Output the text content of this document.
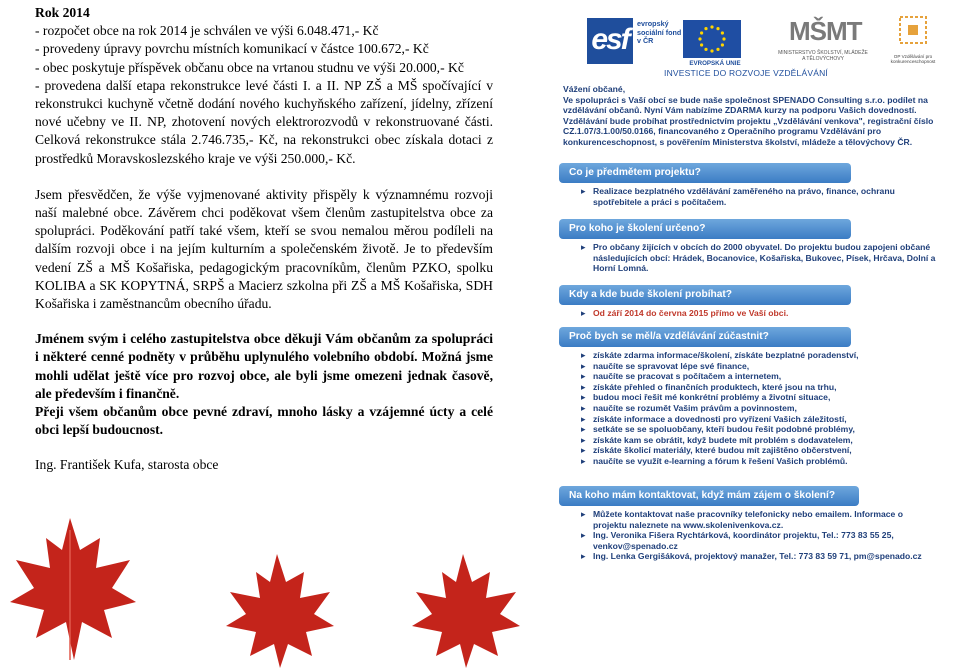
Rok 2014

- rozpočet obce na rok 2014 je schválen ve výši 6.048.471,- Kč

- provedeny úpravy povrchu místních komunikací v částce 100.672,- Kč

- obec poskytuje příspěvek občanu obce na vrtanou studnu ve výši 20.000,- Kč

- provedena další etapa rekonstrukce levé části I. a II. NP ZŠ a MŠ spočívající v rekonstrukci kuchyně včetně dodání nového kuchyňského zařízení, jídelny, zřízení nové učebny ve II. NP, zhotovení nových elektrorozvodů v rekonstruované části. Celková rekonstrukce stála 2.746.735,- Kč, na rekonstrukci obec získala dotaci z prostředků Moravskoslezského kraje ve výši 250.000,- Kč.

Jsem přesvědčen, že výše vyjmenované aktivity přispěly k významnému rozvoji naší malebné obce. Závěrem chci poděkovat všem členům zastupitelstva obce za spolupráci. Poděkování patří také všem, kteří se svou nemalou měrou podíleli na dalším rozvoji obce i na jejím kulturním a společenském životě. Je to především vedení ZŠ a MŠ Košařiska, pedagogickým pracovníkům, členům PZKO, spolku KOLIBA a SK KOPYTNÁ, SRPŠ a Macierz szkolna při ZŠ a MŠ Košařiska, SDH Košařiska i zaměstnancům obecního úřadu.

Jménem svým i celého zastupitelstva obce děkuji Vám občanům za spolupráci i některé cenné podněty v průběhu uplynulého volebního období. Možná jsme mohli udělat ještě více pro rozvoj obce, ale byli jsme omezeni jednak časově, ale především i finančně.

Přeji všem občanům obce pevné zdraví, mnoho lásky a vzájemné úcty a celé obci lepší budoucnost.

Ing. František Kufa, starosta obce

esf	evropský sociální fond v ČR
EVROPSKÁ UNIE
MŠMT
MINISTERSTVO ŠKOLSTVÍ, MLÁDEŽE A TĚLOVÝCHOVY	OP Vzdělávání pro konkurenceschopnost
INVESTICE DO ROZVOJE VZDĚLÁVÁNÍ

Vážení občané,

Ve spolupráci s Vaší obcí se bude naše společnost SPENADO Consulting s.r.o. podílet na vzdělávání občanů. Nyní Vám nabízíme ZDARMA kurzy na podporu Vašich dovedností. Vzdělávání bude probíhat prostřednictvím projektu „Vzdělávání venkova", registrační číslo CZ.1.07/3.1.00/50.0166, financovaného z Operačního programu Vzdělávání pro konkurenceschopnost, s pověřením Ministerstva školství, mládeže a tělovýchovy ČR.

Co je předmětem projektu?
▸ Realizace bezplatného vzdělávání zaměřeného na právo, finance, ochranu spotřebitele a práci s počítačem.
Pro koho je školení určeno?
▸ Pro občany žijících v obcích do 2000 obyvatel. Do projektu budou zapojeni občané následujících obcí: Hrádek, Bocanovice, Košařiska, Bukovec, Písek, Hrčava, Dolní a Horní Lomná.
Kdy a kde bude školení probíhat?
▸ Od září 2014 do června 2015 přímo ve Vaší obci.
Proč bych se měl/a vzdělávání zúčastnit?
▸ získáte zdarma informace/školení, získáte bezplatné poradenství,
▸ naučíte se spravovat lépe své finance,
▸ naučíte se pracovat s počítačem a internetem,
▸ získáte přehled o finančních produktech, které jsou na trhu,
▸ budou moci řešit mé konkrétní problémy a životní situace,
▸ naučíte se rozumět Vašim právům a povinnostem,
▸ získáte informace a dovednosti pro vyřízení Vašich záležitostí,
▸ setkáte se se spoluobčany, kteří budou řešit podobné problémy,
▸ získáte kam se obrátit, když budete mít problém s dodavatelem,
▸ získáte školicí materiály, které budou mít zajištěno občerstvení,
▸ naučíte se využít e-learning a fórum k řešení Vašich problémů.
Na koho mám kontaktovat, když mám zájem o školení?
▸ Můžete kontaktovat naše pracovníky telefonicky nebo emailem. Informace o projektu naleznete na www.skolenivenkova.cz.
▸ Ing. Veronika Fišera Rychtárková, koordinátor projektu, Tel.: 773 83 55 25, venkov@spenado.cz
▸ Ing. Lenka Gergišáková, projektový manažer, Tel.: 773 83 59 71, pm@spenado.cz
